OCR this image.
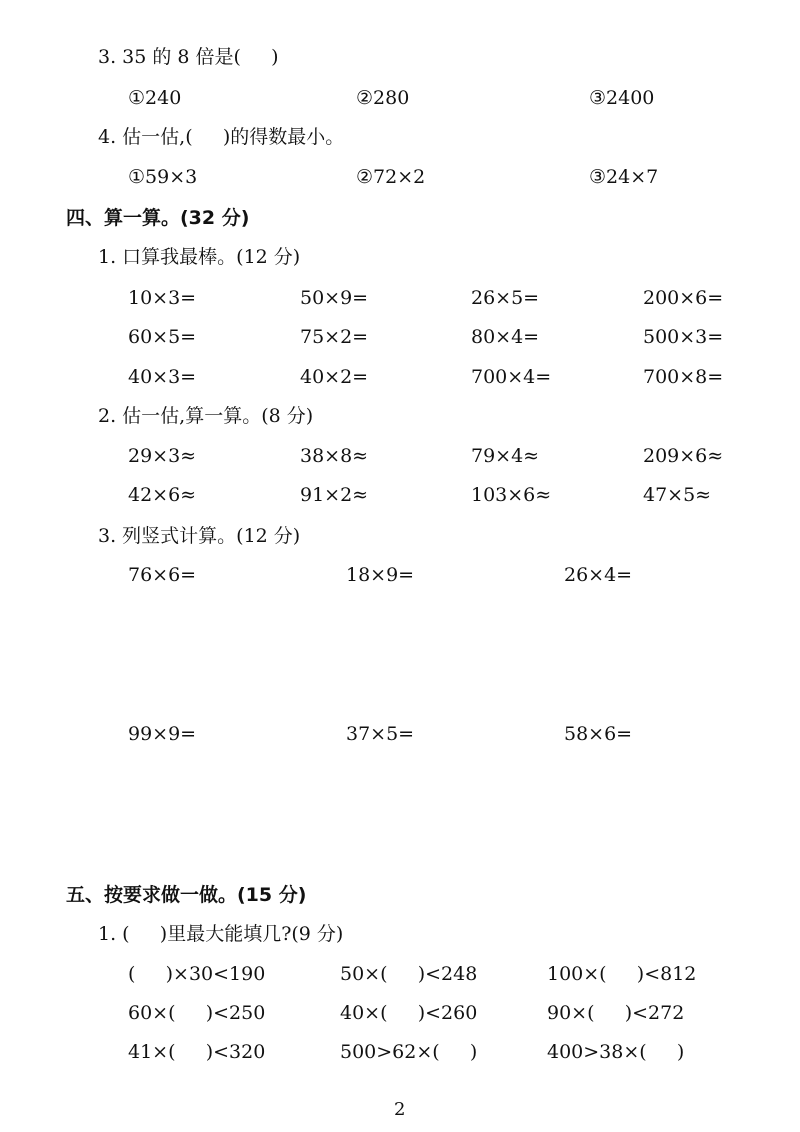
3. 35 的 8 倍是(     )
①240	②280	③2400
4. 估一估,(     )的得数最小。
①59×3	②72×2	③24×7
四、算一算。(32 分)
1. 口算我最棒。(12 分)
10×3=	50×9=	26×5=	200×6=
60×5=	75×2=	80×4=	500×3=
40×3=	40×2=	700×4=	700×8=
2. 估一估,算一算。(8 分)
29×3≈	38×8≈	79×4≈	209×6≈
42×6≈	91×2≈	103×6≈	47×5≈
3. 列竖式计算。(12 分)
76×6=	18×9=	26×4=
99×9=	37×5=	58×6=
五、按要求做一做。(15 分)
1. (     )里最大能填几?(9 分)
(     )×30<190	50×(     )<248	100×(     )<812
60×(     )<250	40×(     )<260	90×(     )<272
41×(     )<320	500>62×(     )	400>38×(     )
2
